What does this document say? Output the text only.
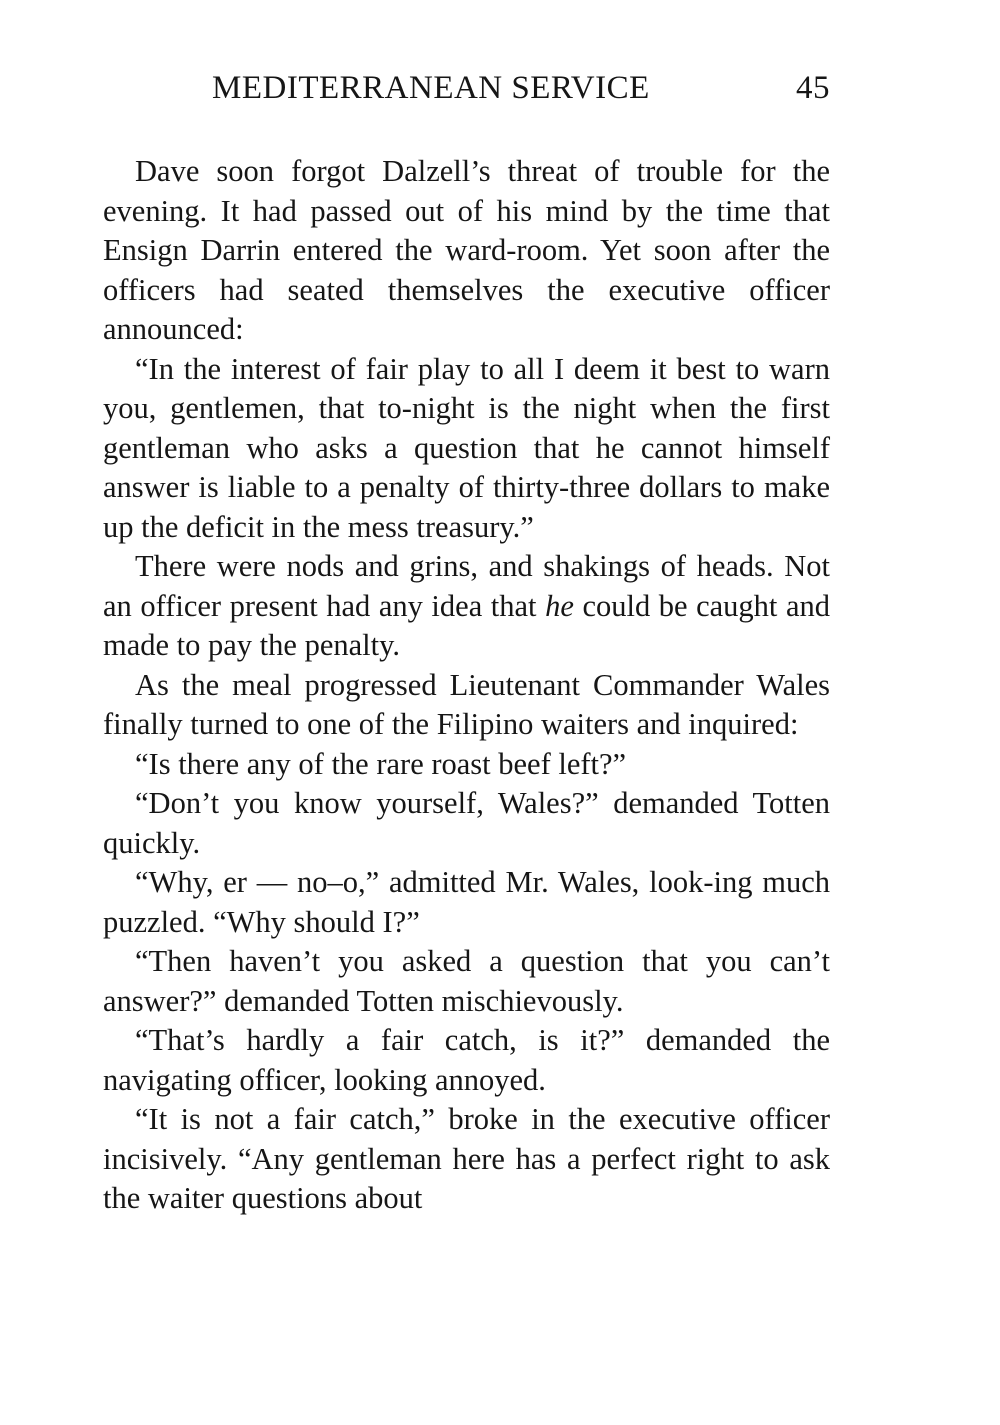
MEDITERRANEAN SERVICE	45

Dave soon forgot Dalzell’s threat of trouble for the evening. It had passed out of his mind by the time that Ensign Darrin entered the ward-room. Yet soon after the officers had seated themselves the executive officer announced:

“In the interest of fair play to all I deem it best to warn you, gentlemen, that to-night is the night when the first gentleman who asks a question that he cannot himself answer is liable to a penalty of thirty-three dollars to make up the deficit in the mess treasury.”

There were nods and grins, and shakings of heads. Not an officer present had any idea that he could be caught and made to pay the penalty.

As the meal progressed Lieutenant Commander Wales finally turned to one of the Filipino waiters and inquired:

“Is there any of the rare roast beef left?”

“Don’t you know yourself, Wales?” demanded Totten quickly.

“Why, er — no–o,” admitted Mr. Wales, look-ing much puzzled. “Why should I?”

“Then haven’t you asked a question that you can’t answer?” demanded Totten mischievously.

“That’s hardly a fair catch, is it?” demanded the navigating officer, looking annoyed.

“It is not a fair catch,” broke in the executive officer incisively. “Any gentleman here has a perfect right to ask the waiter questions about
